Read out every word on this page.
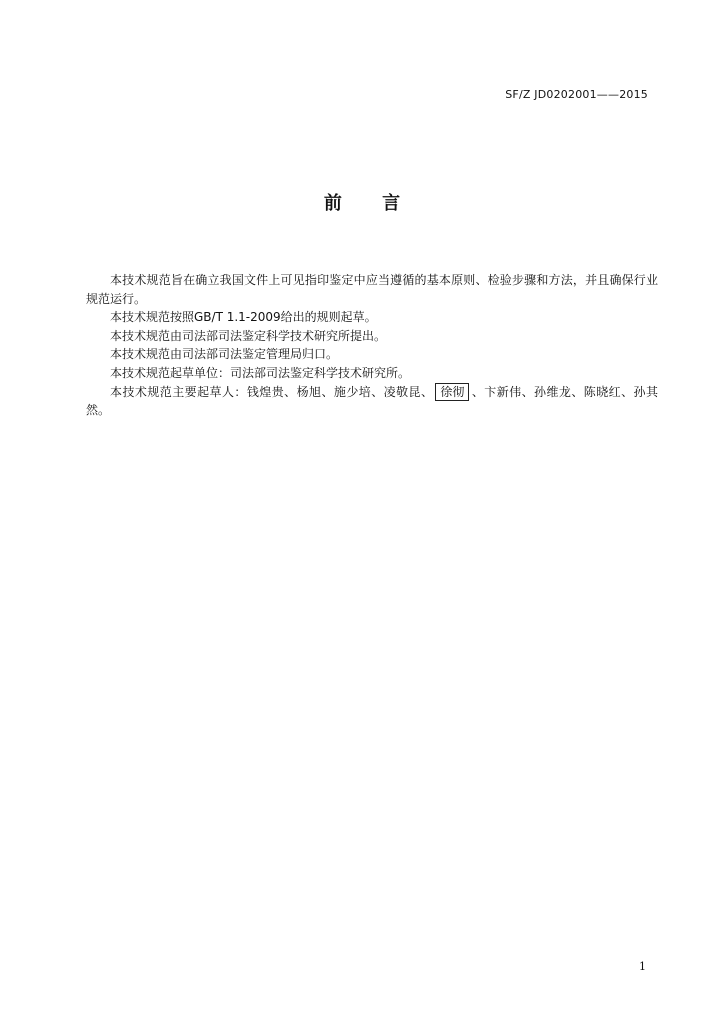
SF/Z JD0202001——2015
前 言

本技术规范旨在确立我国文件上可见指印鉴定中应当遵循的基本原则、检验步骤和方法，并且确保行业规范运行。

本技术规范按照GB/T 1.1-2009给出的规则起草。

本技术规范由司法部司法鉴定科学技术研究所提出。

本技术规范由司法部司法鉴定管理局归口。

本技术规范起草单位：司法部司法鉴定科学技术研究所。

本技术规范主要起草人：钱煌贵、杨旭、施少培、凌敬昆、 徐彻 、卞新伟、孙维龙、陈晓红、孙其然。

1
